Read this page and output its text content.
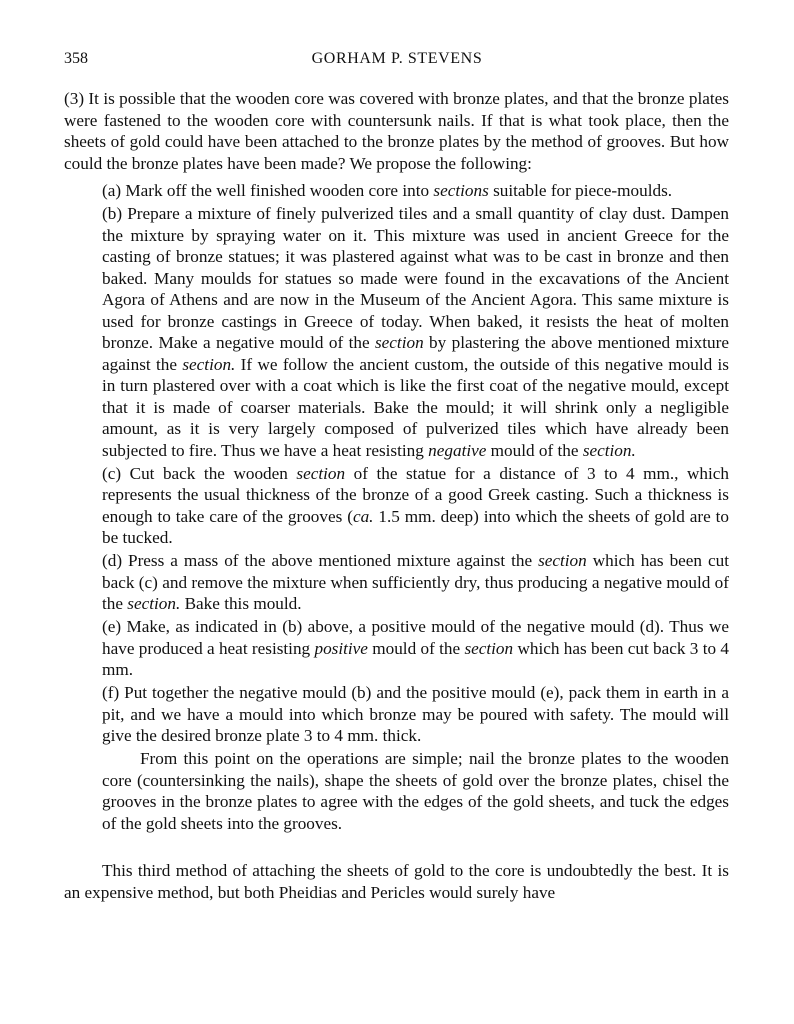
358	GORHAM P. STEVENS

(3) It is possible that the wooden core was covered with bronze plates, and that the bronze plates were fastened to the wooden core with countersunk nails. If that is what took place, then the sheets of gold could have been attached to the bronze plates by the method of grooves. But how could the bronze plates have been made? We propose the following:

(a) Mark off the well finished wooden core into sections suitable for piece-moulds.

(b) Prepare a mixture of finely pulverized tiles and a small quantity of clay dust. Dampen the mixture by spraying water on it. This mixture was used in ancient Greece for the casting of bronze statues; it was plastered against what was to be cast in bronze and then baked. Many moulds for statues so made were found in the excavations of the Ancient Agora of Athens and are now in the Museum of the Ancient Agora. This same mixture is used for bronze castings in Greece of today. When baked, it resists the heat of molten bronze. Make a negative mould of the section by plastering the above mentioned mixture against the section. If we follow the ancient custom, the outside of this negative mould is in turn plastered over with a coat which is like the first coat of the negative mould, except that it is made of coarser materials. Bake the mould; it will shrink only a negligible amount, as it is very largely composed of pulverized tiles which have already been subjected to fire. Thus we have a heat resisting negative mould of the section.

(c) Cut back the wooden section of the statue for a distance of 3 to 4 mm., which represents the usual thickness of the bronze of a good Greek casting. Such a thickness is enough to take care of the grooves (ca. 1.5 mm. deep) into which the sheets of gold are to be tucked.

(d) Press a mass of the above mentioned mixture against the section which has been cut back (c) and remove the mixture when sufficiently dry, thus producing a negative mould of the section. Bake this mould.

(e) Make, as indicated in (b) above, a positive mould of the negative mould (d). Thus we have produced a heat resisting positive mould of the section which has been cut back 3 to 4 mm.

(f) Put together the negative mould (b) and the positive mould (e), pack them in earth in a pit, and we have a mould into which bronze may be poured with safety. The mould will give the desired bronze plate 3 to 4 mm. thick.

From this point on the operations are simple; nail the bronze plates to the wooden core (countersinking the nails), shape the sheets of gold over the bronze plates, chisel the grooves in the bronze plates to agree with the edges of the gold sheets, and tuck the edges of the gold sheets into the grooves.

This third method of attaching the sheets of gold to the core is undoubtedly the best. It is an expensive method, but both Pheidias and Pericles would surely have
